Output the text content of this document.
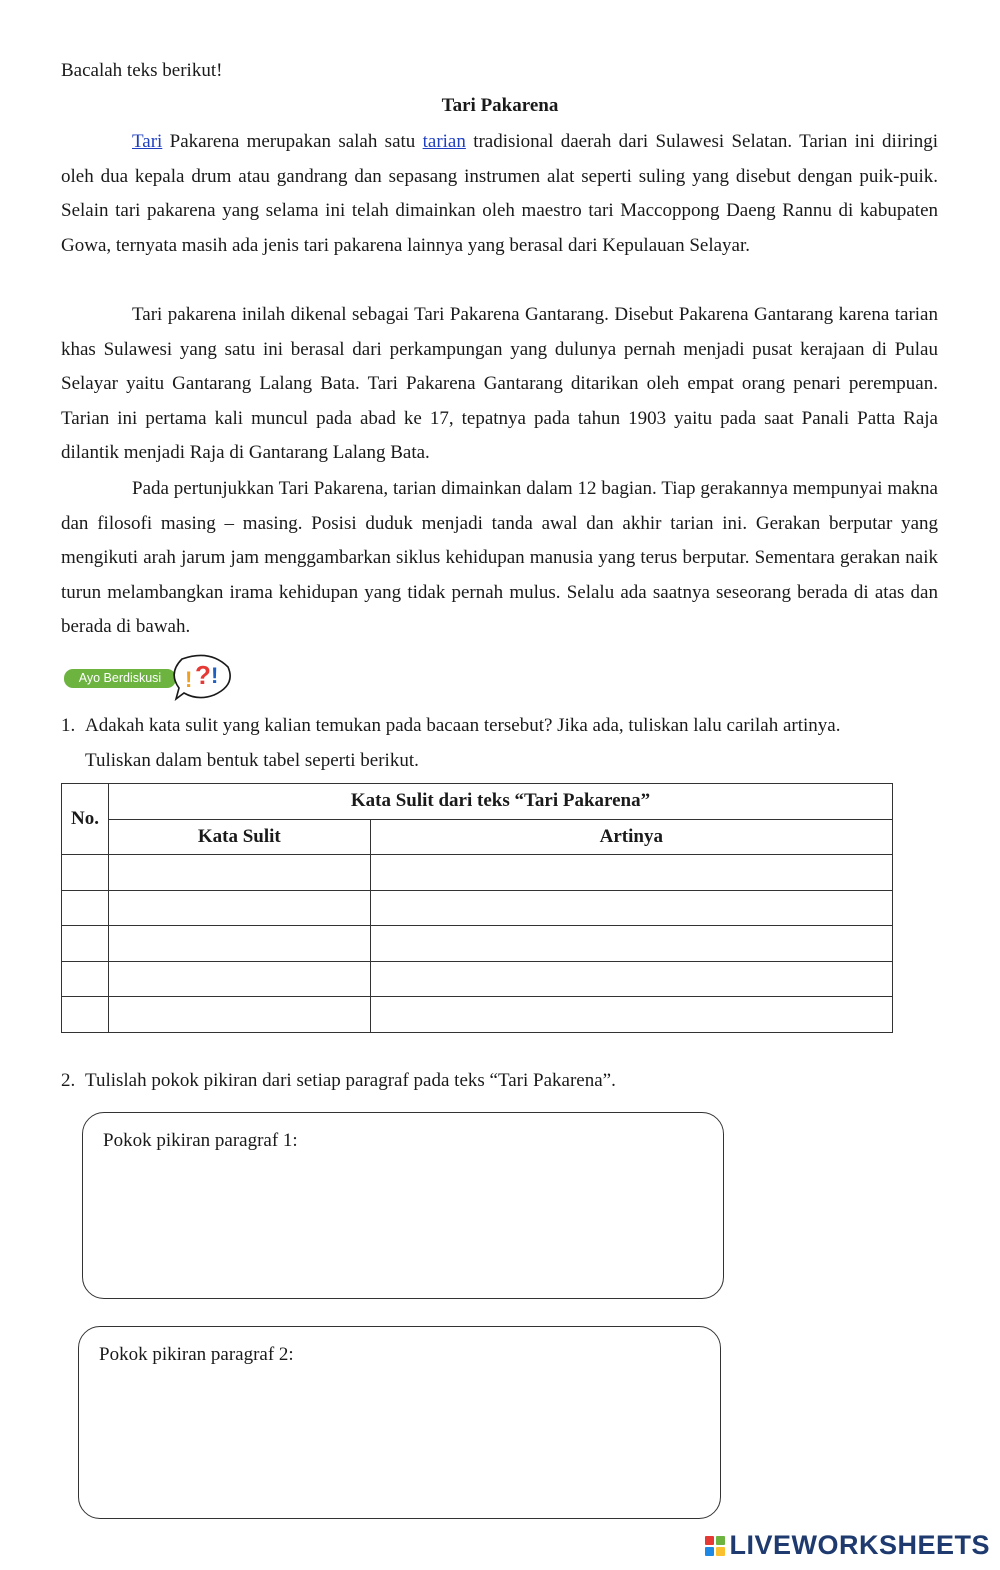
Bacalah teks berikut!
Tari Pakarena

Tari Pakarena merupakan salah satu tarian tradisional daerah dari Sulawesi Selatan. Tarian ini diiringi oleh dua kepala drum atau gandrang dan sepasang instrumen alat seperti suling yang disebut dengan puik-puik. Selain tari pakarena yang selama ini telah dimainkan oleh maestro tari Maccoppong Daeng Rannu di kabupaten Gowa, ternyata masih ada jenis tari pakarena lainnya yang berasal dari Kepulauan Selayar.

Tari pakarena inilah dikenal sebagai Tari Pakarena Gantarang. Disebut Pakarena Gantarang karena tarian khas Sulawesi yang satu ini berasal dari perkampungan yang dulunya pernah menjadi pusat kerajaan di Pulau Selayar yaitu Gantarang Lalang Bata. Tari Pakarena Gantarang ditarikan oleh empat orang penari perempuan. Tarian ini pertama kali muncul pada abad ke 17, tepatnya pada tahun 1903 yaitu pada saat Panali Patta Raja dilantik menjadi Raja di Gantarang Lalang Bata.

Pada pertunjukkan Tari Pakarena, tarian dimainkan dalam 12 bagian. Tiap gerakannya mempunyai makna dan filosofi masing – masing. Posisi duduk menjadi tanda awal dan akhir tarian ini. Gerakan berputar yang mengikuti arah jarum jam menggambarkan siklus kehidupan manusia yang terus berputar. Sementara gerakan naik turun melambangkan irama kehidupan yang tidak pernah mulus. Selalu ada saatnya seseorang berada di atas dan berada di bawah.

Ayo Berdiskusi	! ? !
!?!
1. Adakah kata sulit yang kalian temukan pada bacaan tersebut? Jika ada, tuliskan lalu carilah artinya.
Tuliskan dalam bentuk tabel seperti berikut.
No.	Kata Sulit dari teks “Tari Pakarena”	
	Kata Sulit	Artinya

2. Tulislah pokok pikiran dari setiap paragraf pada teks “Tari Pakarena”.
Pokok pikiran paragraf 1:
Pokok pikiran paragraf 2:
LIVEWORKSHEETS
